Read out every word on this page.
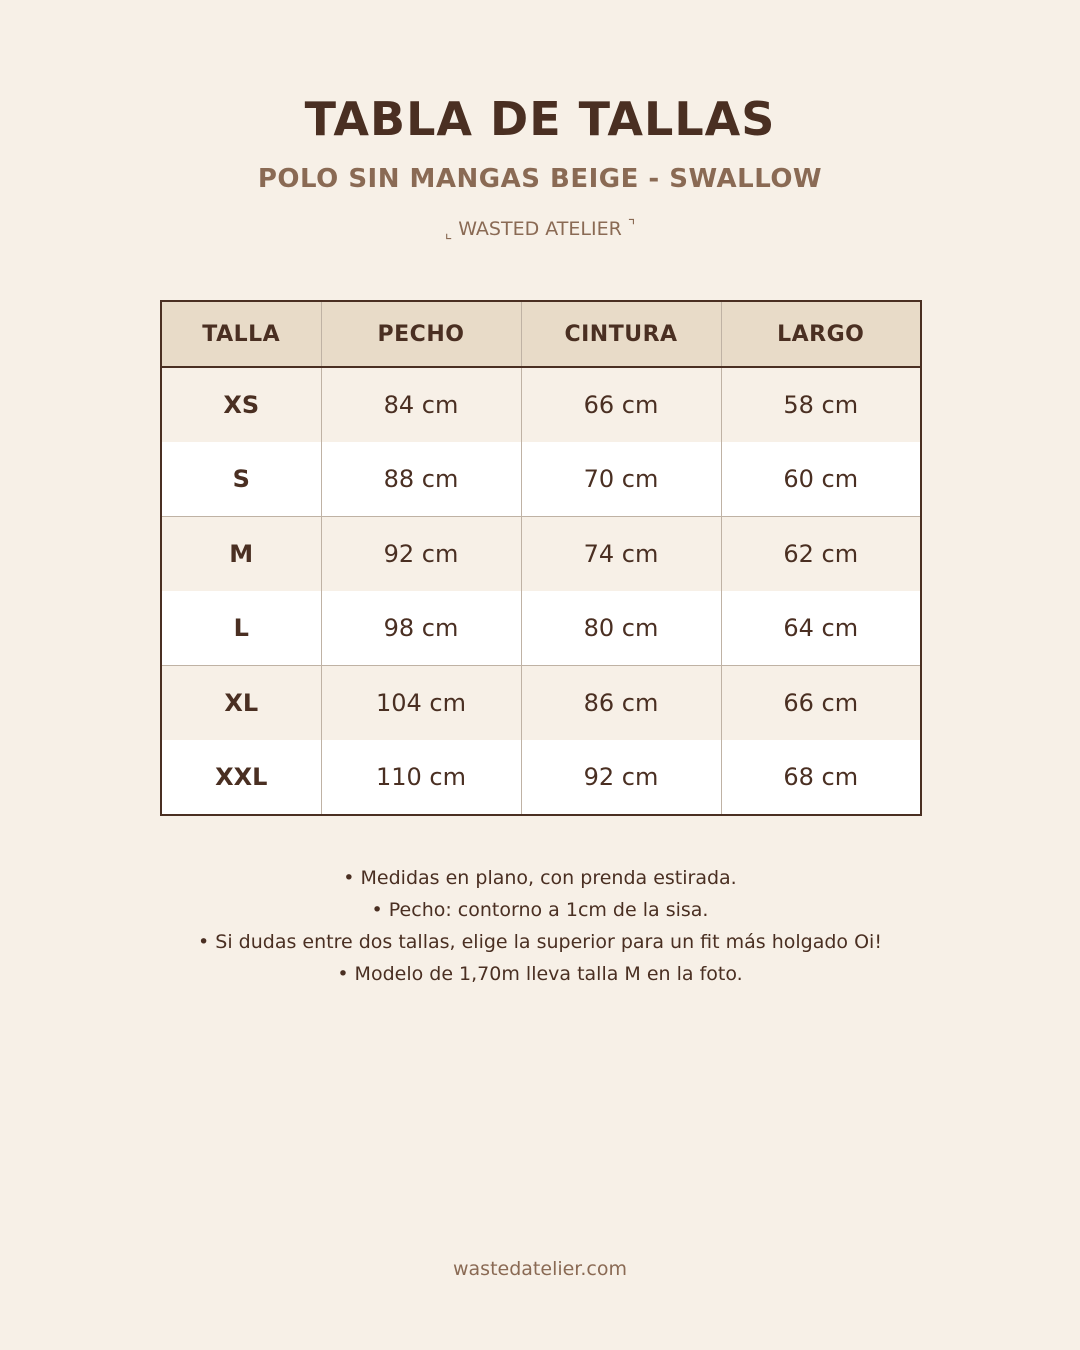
TABLA DE TALLAS
POLO SIN MANGAS BEIGE - SWALLOW
⌞ WASTED ATELIER ⌝
TALLA	PECHO	CINTURA	LARGO
XS	84 cm	66 cm	58 cm
S	88 cm	70 cm	60 cm
M	92 cm	74 cm	62 cm
L	98 cm	80 cm	64 cm
XL	104 cm	86 cm	66 cm
XXL	110 cm	92 cm	68 cm
• Medidas en plano, con prenda estirada.
• Pecho: contorno a 1cm de la sisa.
• Si dudas entre dos tallas, elige la superior para un fit más holgado Oi!
• Modelo de 1,70m lleva talla M en la foto.
wastedatelier.com
